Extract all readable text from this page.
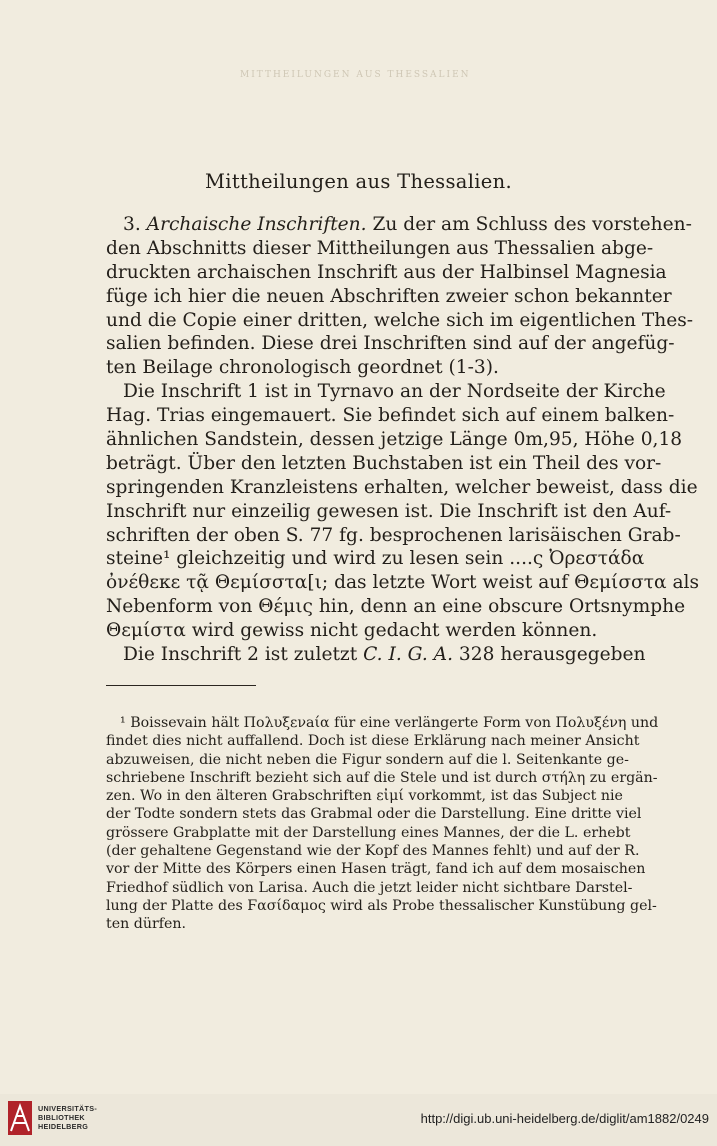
MITTHEILUNGEN AUS THESSALIEN
Mittheilungen aus Thessalien.
3. Archaische Inschriften. Zu der am Schluss des vorstehen-
den Abschnitts dieser Mittheilungen aus Thessalien abge-
druckten archaischen Inschrift aus der Halbinsel Magnesia
füge ich hier die neuen Abschriften zweier schon bekannter
und die Copie einer dritten, welche sich im eigentlichen Thes-
salien befinden. Diese drei Inschriften sind auf der angefüg-
ten Beilage chronologisch geordnet (1-3).
Die Inschrift 1 ist in Tyrnavo an der Nordseite der Kirche
Hag. Trias eingemauert. Sie befindet sich auf einem balken-
ähnlichen Sandstein, dessen jetzige Länge 0m,95, Höhe 0,18
beträgt. Über den letzten Buchstaben ist ein Theil des vor-
springenden Kranzleistens erhalten, welcher beweist, dass die
Inschrift nur einzeilig gewesen ist. Die Inschrift ist den Auf-
schriften der oben S. 77 fg. besprochenen larisäischen Grab-
steine¹ gleichzeitig und wird zu lesen sein ....ς Ὀρεστάδα
ὀνέθεκε τᾷ Θεμίσστα[ι; das letzte Wort weist auf Θεμίσστα als
Nebenform von Θέμις hin, denn an eine obscure Ortsnymphe
Θεμίστα wird gewiss nicht gedacht werden können.
Die Inschrift 2 ist zuletzt C. I. G. A. 328 herausgegeben
¹ Boissevain hält Πολυξενaία für eine verlängerte Form von Πολυξένη und
findet dies nicht auffallend. Doch ist diese Erklärung nach meiner Ansicht
abzuweisen, die nicht neben die Figur sondern auf die l. Seitenkante ge-
schriebene Inschrift bezieht sich auf die Stele und ist durch στήλη zu ergän-
zen. Wo in den älteren Grabschriften εἰμί vorkommt, ist das Subject nie
der Todte sondern stets das Grabmal oder die Darstellung. Eine dritte viel
grössere Grabplatte mit der Darstellung eines Mannes, der die L. erhebt
(der gehaltene Gegenstand wie der Kopf des Mannes fehlt) und auf der R.
vor der Mitte des Körpers einen Hasen trägt, fand ich auf dem mosaischen
Friedhof südlich von Larisa. Auch die jetzt leider nicht sichtbare Darstel-
lung der Platte des Ϝασίδαμος wird als Probe thessalischer Kunstübung gel-
ten dürfen.
UNIVERSITÄTS-
BIBLIOTHEK
HEIDELBERG
http://digi.ub.uni-heidelberg.de/diglit/am1882/0249
